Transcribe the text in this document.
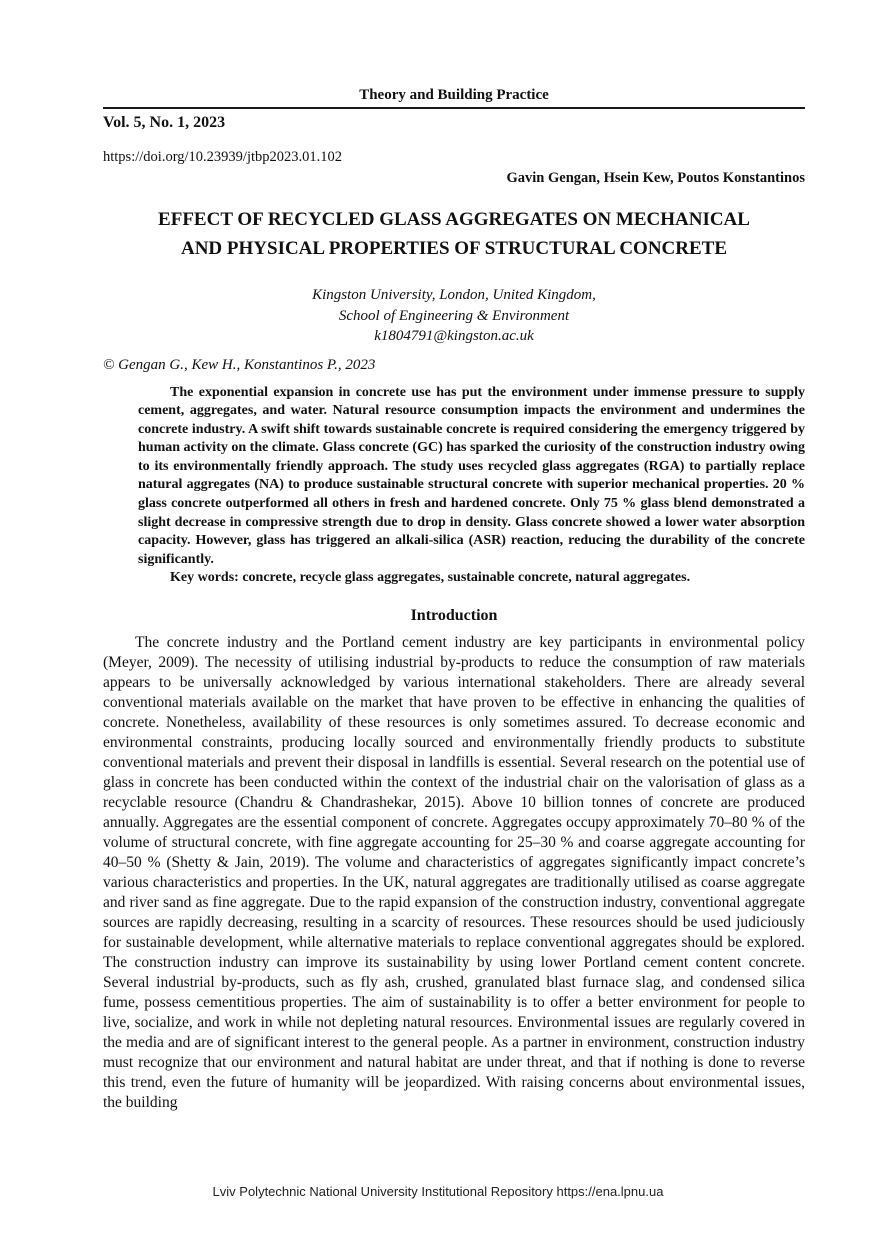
Theory and Building Practice
Vol. 5, No. 1, 2023
https://doi.org/10.23939/jtbp2023.01.102
Gavin Gengan, Hsein Kew, Poutos Konstantinos
EFFECT OF RECYCLED GLASS AGGREGATES ON MECHANICAL
AND PHYSICAL PROPERTIES OF STRUCTURAL CONCRETE
Kingston University, London, United Kingdom,
School of Engineering & Environment
k1804791@kingston.ac.uk
© Gengan G., Kew H., Konstantinos P., 2023

The exponential expansion in concrete use has put the environment under immense pressure to supply cement, aggregates, and water. Natural resource consumption impacts the environment and undermines the concrete industry. A swift shift towards sustainable concrete is required considering the emergency triggered by human activity on the climate. Glass concrete (GC) has sparked the curiosity of the construction industry owing to its environmentally friendly approach. The study uses recycled glass aggregates (RGA) to partially replace natural aggregates (NA) to produce sustainable structural concrete with superior mechanical properties. 20 % glass concrete outperformed all others in fresh and hardened concrete. Only 75 % glass blend demonstrated a slight decrease in compressive strength due to drop in density. Glass concrete showed a lower water absorption capacity. However, glass has triggered an alkali-silica (ASR) reaction, reducing the durability of the concrete significantly.

Key words: concrete, recycle glass aggregates, sustainable concrete, natural aggregates.

Introduction

The concrete industry and the Portland cement industry are key participants in environmental policy (Meyer, 2009). The necessity of utilising industrial by-products to reduce the consumption of raw materials appears to be universally acknowledged by various international stakeholders. There are already several conventional materials available on the market that have proven to be effective in enhancing the qualities of concrete. Nonetheless, availability of these resources is only sometimes assured. To decrease economic and environmental constraints, producing locally sourced and environmentally friendly products to substitute conventional materials and prevent their disposal in landfills is essential. Several research on the potential use of glass in concrete has been conducted within the context of the industrial chair on the valorisation of glass as a recyclable resource (Chandru & Chandrashekar, 2015). Above 10 billion tonnes of concrete are produced annually. Aggregates are the essential component of concrete. Aggregates occupy approximately 70–80 % of the volume of structural concrete, with fine aggregate accounting for 25–30 % and coarse aggregate accounting for 40–50 % (Shetty & Jain, 2019). The volume and characteristics of aggregates significantly impact concrete’s various characteristics and properties. In the UK, natural aggregates are traditionally utilised as coarse aggregate and river sand as fine aggregate. Due to the rapid expansion of the construction industry, conventional aggregate sources are rapidly decreasing, resulting in a scarcity of resources. These resources should be used judiciously for sustainable development, while alternative materials to replace conventional aggregates should be explored. The construction industry can improve its sustainability by using lower Portland cement content concrete. Several industrial by-products, such as fly ash, crushed, granulated blast furnace slag, and condensed silica fume, possess cementitious properties. The aim of sustainability is to offer a better environment for people to live, socialize, and work in while not depleting natural resources. Environmental issues are regularly covered in the media and are of significant interest to the general people. As a partner in environment, construction industry must recognize that our environment and natural habitat are under threat, and that if nothing is done to reverse this trend, even the future of humanity will be jeopardized. With raising concerns about environmental issues, the building

Lviv Polytechnic National University Institutional Repository https://ena.lpnu.ua
